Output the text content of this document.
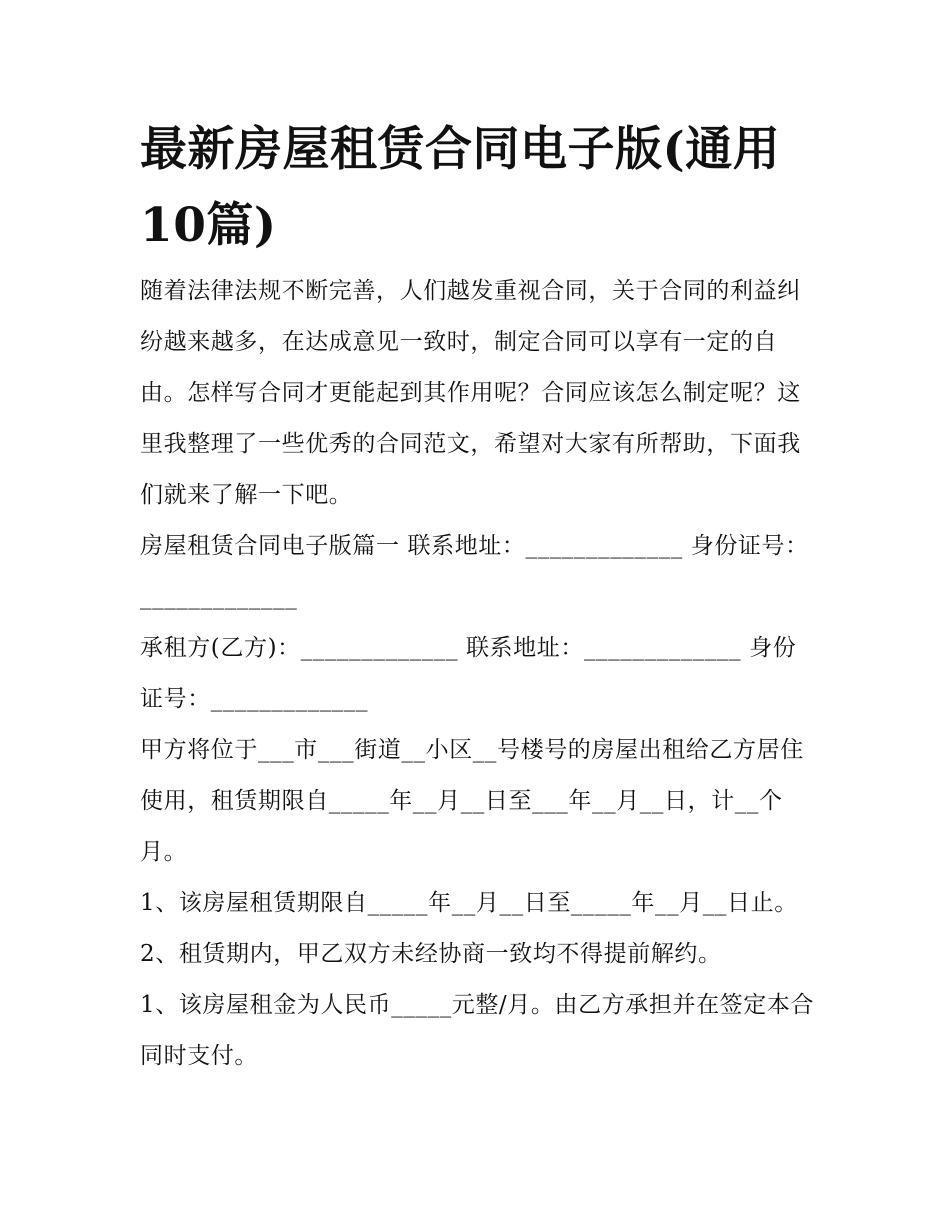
最新房屋租赁合同电子版(通用10篇)

随着法律法规不断完善，人们越发重视合同，关于合同的利益纠纷越来越多，在达成意见一致时，制定合同可以享有一定的自由。怎样写合同才更能起到其作用呢？合同应该怎么制定呢？这里我整理了一些优秀的合同范文，希望对大家有所帮助，下面我们就来了解一下吧。

房屋租赁合同电子版篇一 联系地址：_____________ 身份证号：_____________

承租方(乙方)：_____________ 联系地址：_____________ 身份证号：_____________

甲方将位于___市___街道__小区__号楼号的房屋出租给乙方居住使用，租赁期限自_____年__月__日至___年__月__日，计__个月。

1、该房屋租赁期限自_____年__月__日至_____年__月__日止。 2、租赁期内，甲乙双方未经协商一致均不得提前解约。

1、该房屋租金为人民币_____元整/月。由乙方承担并在签定本合同时支付。
